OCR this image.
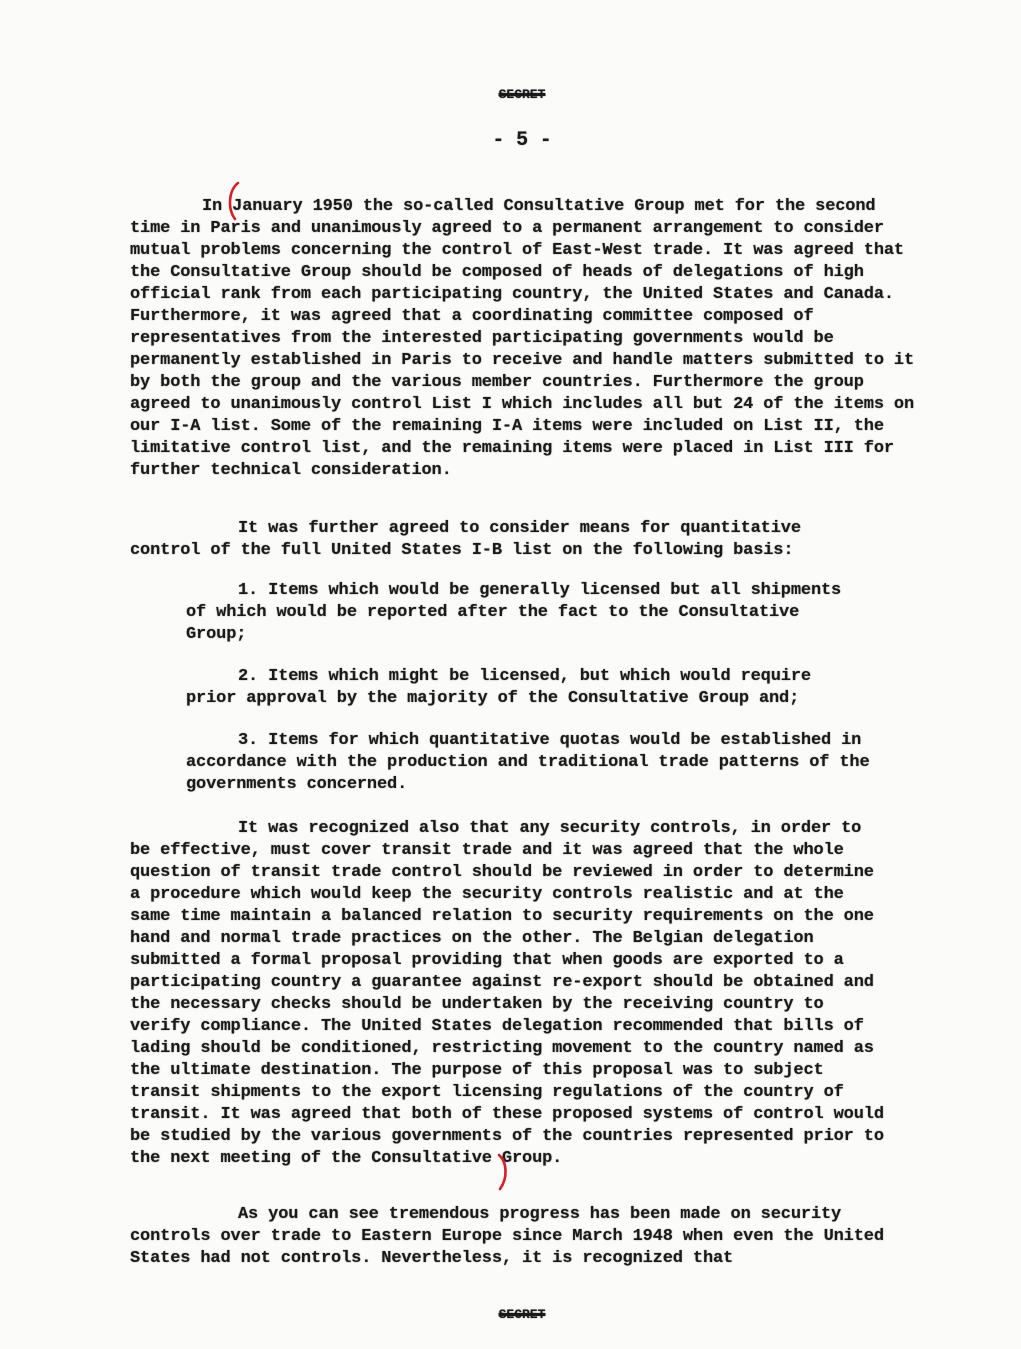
SECRET
- 5 -

In January 1950 the so-called Consultative Group met for the second time in Paris and unanimously agreed to a permanent arrangement to consider mutual problems concerning the control of East-West trade. It was agreed that the Consultative Group should be composed of heads of delegations of high official rank from each participating country, the United States and Canada. Furthermore, it was agreed that a coordinating committee composed of representatives from the interested participating governments would be permanently established in Paris to receive and handle matters submitted to it by both the group and the various member countries. Furthermore the group agreed to unanimously control List I which includes all but 24 of the items on our I-A list. Some of the remaining I-A items were included on List II, the limitative control list, and the remaining items were placed in List III for further technical consideration.

It was further agreed to consider means for quantitative control of the full United States I-B list on the following basis:

1. Items which would be generally licensed but all shipments of which would be reported after the fact to the Consultative Group;

2. Items which might be licensed, but which would require prior approval by the majority of the Consultative Group and;

3. Items for which quantitative quotas would be established in accordance with the production and traditional trade patterns of the governments concerned.

It was recognized also that any security controls, in order to be effective, must cover transit trade and it was agreed that the whole question of transit trade control should be reviewed in order to determine a procedure which would keep the security controls realistic and at the same time maintain a balanced relation to security requirements on the one hand and normal trade practices on the other. The Belgian delegation submitted a formal proposal providing that when goods are exported to a participating country a guarantee against re-export should be obtained and the necessary checks should be undertaken by the receiving country to verify compliance. The United States delegation recommended that bills of lading should be conditioned, restricting movement to the country named as the ultimate destination. The purpose of this proposal was to subject transit shipments to the export licensing regulations of the country of transit. It was agreed that both of these proposed systems of control would be studied by the various governments of the countries represented prior to the next meeting of the Consultative Group.

As you can see tremendous progress has been made on security controls over trade to Eastern Europe since March 1948 when even the United States had not controls. Nevertheless, it is recognized that

SECRET
